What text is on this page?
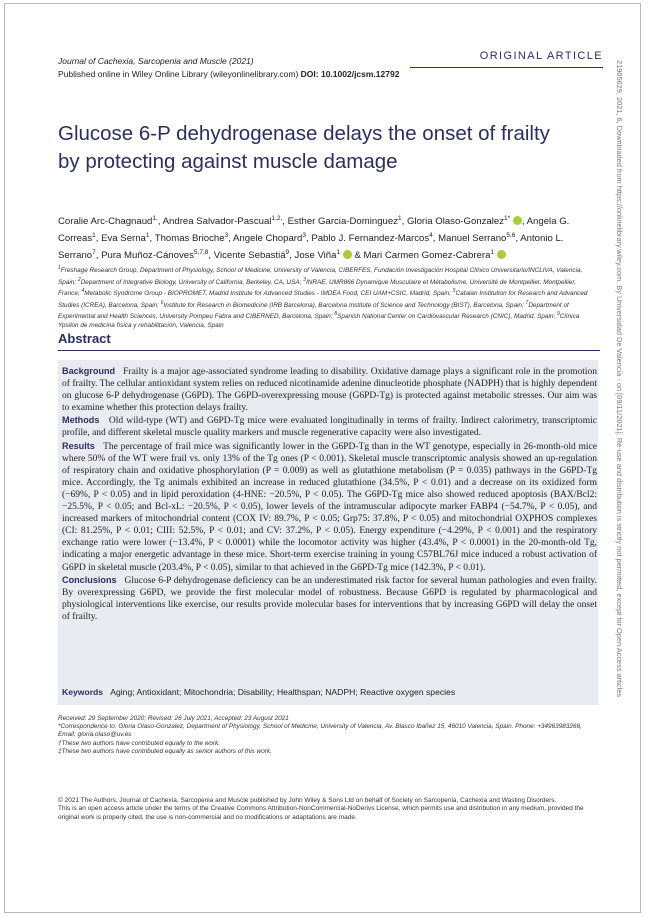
Journal of Cachexia, Sarcopenia and Muscle (2021)
Published online in Wiley Online Library (wileyonlinelibrary.com) DOI: 10.1002/jcsm.12792
ORIGINAL ARTICLE
Glucose 6-P dehydrogenase delays the onset of frailty by protecting against muscle damage
Coralie Arc-Chagnaud$^{1,}$, Andrea Salvador-Pascual$^{1,2,}$, Esther Garcia-Dominguez$^1$, Gloria Olaso-Gonzalez$^{1*}$ , Angela G. Correas$^1$, Eva Serna$^1$, Thomas Brioche$^3$, Angele Chopard$^3$, Pablo J. Fernandez-Marcos$^4$, Manuel Serrano$^{5,6}$, Antonio L. Serrano$^7$, Pura Muñoz-Cánoves$^{5,7,8}$, Vicente Sebastiá$^9$, Jose Viña$^1$  & Mari Carmen Gomez-Cabrera$^1$
$^1$Freshage Research Group, Department of Physiology, School of Medicine, University of Valencia, CIBERFES, Fundación Investigación Hospital Clínico Universitario/INCLIVA, Valencia, Spain; $^2$Department of Integrative Biology, University of California, Berkeley, CA, USA; $^3$INRAE, UMR866 Dynamique Musculaire et Métabolisme, Université de Montpellier, Montpellier, France; $^4$Metabolic Syndrome Group - BIOPROMET, Madrid Institute for Advanced Studies - IMDEA Food, CEI UAM+CSIC, Madrid, Spain; $^5$Catalan Institution for Research and Advanced Studies (ICREA), Barcelona, Spain; $^6$Institute for Research in Biomedicine (IRB Barcelona), Barcelona Institute of Science and Technology (BIST), Barcelona, Spain; $^7$Department of Experimental and Health Sciences, University Pompeu Fabra and CIBERNED, Barcelona, Spain; $^8$Spanish National Center on Cardiovascular Research (CNIC), Madrid, Spain; $^9$Clínica Ypsilon de medicina física y rehabilitación, Valencia, Spain
Abstract

Background Frailty is a major age-associated syndrome leading to disability. Oxidative damage plays a significant role in the promotion of frailty. The cellular antioxidant system relies on reduced nicotinamide adenine dinucleotide phosphate (NADPH) that is highly dependent on glucose 6-P dehydrogenase (G6PD). The G6PD-overexpressing mouse (G6PD-Tg) is protected against metabolic stresses. Our aim was to examine whether this protection delays frailty.

Methods Old wild-type (WT) and G6PD-Tg mice were evaluated longitudinally in terms of frailty. Indirect calorimetry, transcriptomic profile, and different skeletal muscle quality markers and muscle regenerative capacity were also investigated.

Results The percentage of frail mice was significantly lower in the G6PD-Tg than in the WT genotype, especially in 26-month-old mice where 50% of the WT were frail vs. only 13% of the Tg ones (P < 0.001). Skeletal muscle transcriptomic analysis showed an up-regulation of respiratory chain and oxidative phosphorylation (P = 0.009) as well as glutathione metabolism (P = 0.035) pathways in the G6PD-Tg mice. Accordingly, the Tg animals exhibited an increase in reduced glutathione (34.5%, P < 0.01) and a decrease on its oxidized form (−69%, P < 0.05) and in lipid peroxidation (4-HNE: −20.5%, P < 0.05). The G6PD-Tg mice also showed reduced apoptosis (BAX/Bcl2: −25.5%, P < 0.05; and Bcl-xL: −20.5%, P < 0.05), lower levels of the intramuscular adipocyte marker FABP4 (−54.7%, P < 0.05), and increased markers of mitochondrial content (COX IV: 89.7%, P < 0.05; Grp75: 37.8%, P < 0.05) and mitochondrial OXPHOS complexes (CI: 81.25%, P < 0.01; CIII: 52.5%, P < 0.01; and CV: 37.2%, P < 0.05). Energy expenditure (−4.29%, P < 0.001) and the respiratory exchange ratio were lower (−13.4%, P < 0.0001) while the locomotor activity was higher (43.4%, P < 0.0001) in the 20-month-old Tg, indicating a major energetic advantage in these mice. Short-term exercise training in young C57BL76J mice induced a robust activation of G6PD in skeletal muscle (203.4%, P < 0.05), similar to that achieved in the G6PD-Tg mice (142.3%, P < 0.01).

Conclusions Glucose 6-P dehydrogenase deficiency can be an underestimated risk factor for several human pathologies and even frailty. By overexpressing G6PD, we provide the first molecular model of robustness. Because G6PD is regulated by pharmacological and physiological interventions like exercise, our results provide molecular bases for interventions that by increasing G6PD will delay the onset of frailty.

Keywords Aging; Antioxidant; Mitochondria; Disability; Healthspan; NADPH; Reactive oxygen species

Received: 29 September 2020; Revised: 26 July 2021; Accepted: 23 August 2021

*Correspondence to: Gloria Olaso-Gonzalez, Department of Physiology, School of Medicine, University of Valencia, Av. Blasco Ibañez 15, 46010 Valencia, Spain. Phone: +34963983266, Email: gloria.olaso@uv.es

†These two authors have contributed equally to the work.

‡These two authors have contributed equally as senior authors of this work.

© 2021 The Authors. Journal of Cachexia, Sarcopenia and Muscle published by John Wiley & Sons Ltd on behalf of Society on Sarcopenia, Cachexia and Wasting Disorders.

This is an open access article under the terms of the Creative Commons Attribution-NonCommercial-NoDerivs License, which permits use and distribution in any medium, provided the original work is properly cited, the use is non-commercial and no modifications or adaptations are made.

21905629, 2021, 6, Downloaded from https://onlinelibrary.wiley.com. By Universidad De Valencia - on [09/11/2021]. Re-use and distribution is strictly not permitted, except for Open Access articles
